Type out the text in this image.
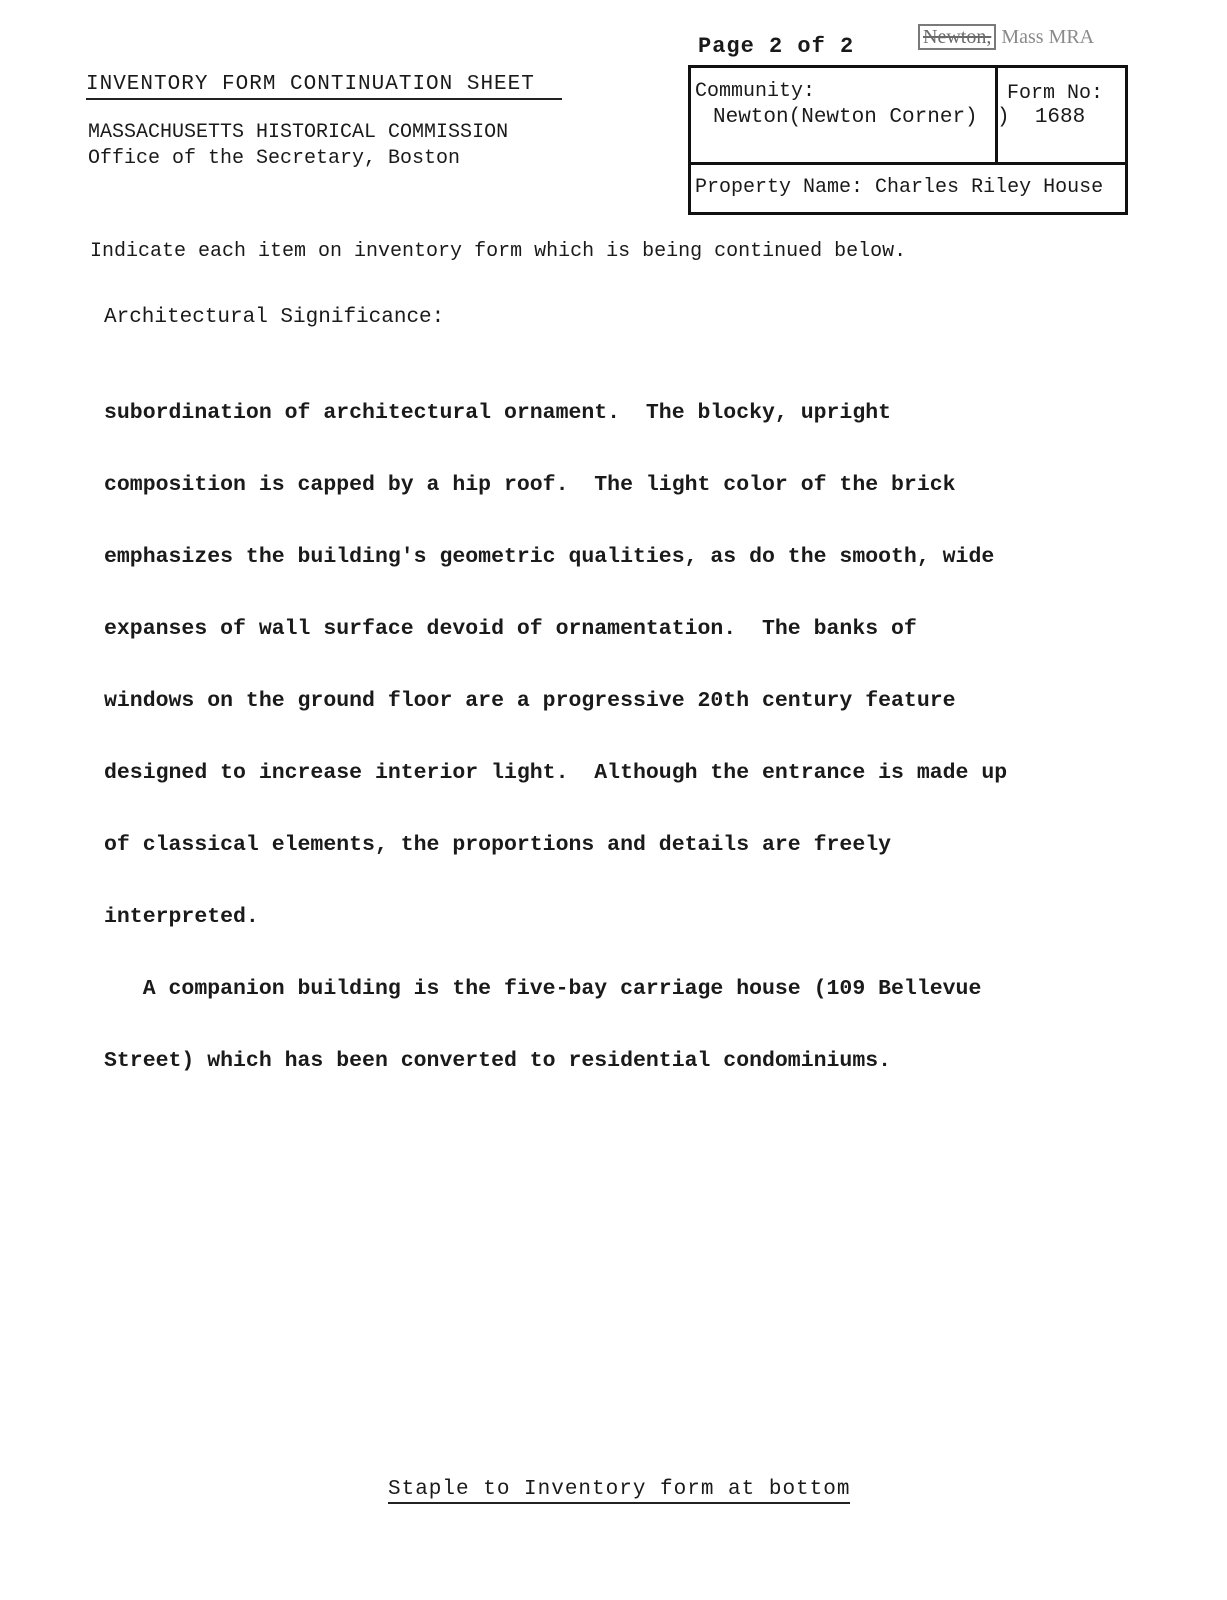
Page 2 of 2	Newton, Mass MRA
INVENTORY FORM CONTINUATION SHEET
MASSACHUSETTS HISTORICAL COMMISSION
Office of the Secretary, Boston
Community:
Newton(Newton Corner)
Form No:
) 1688
Property Name: Charles Riley House
Indicate each item on inventory form which is being continued below.
Architectural Significance:

subordination of architectural ornament.  The blocky, upright

composition is capped by a hip roof.  The light color of the brick

emphasizes the building's geometric qualities, as do the smooth, wide

expanses of wall surface devoid of ornamentation.  The banks of

windows on the ground floor are a progressive 20th century feature

designed to increase interior light.  Although the entrance is made up

of classical elements, the proportions and details are freely

interpreted.

A companion building is the five-bay carriage house (109 Bellevue

Street) which has been converted to residential condominiums.

Staple to Inventory form at bottom
